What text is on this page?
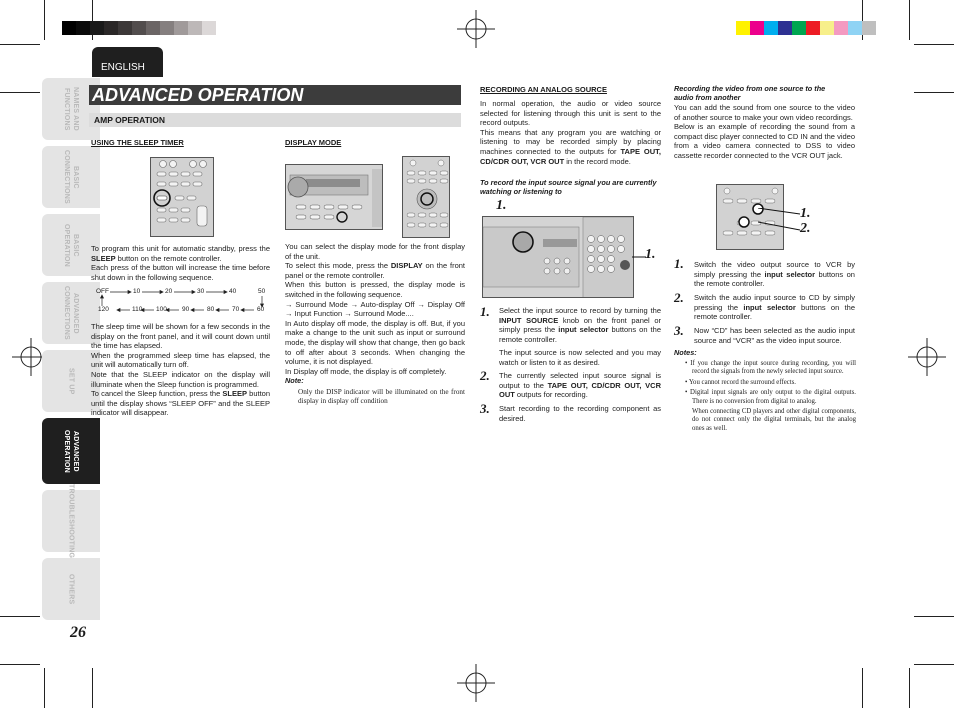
ENGLISH
NAMES AND FUNCTIONS
BASIC CONNECTIONS
BASIC OPERATION
ADVANCED CONNECTIONS
SET UP
ADVANCED OPERATION
TROUBLESHOOTING
OTHERS
26
ADVANCED OPERATION
AMP OPERATION
USING THE SLEEP TIMER

To program this unit for automatic standby, press the SLEEP button on the remote controller.

Each press of the button will increase the time before shut down in the following sequence.

OFF	10	20	30	40	50
120	110 100 90	80	70	60

The sleep time will be shown for a few seconds in the display on the front panel, and it will count down until the time has elapsed.

When the programmed sleep time has elapsed, the unit will automatically turn off.

Note that the SLEEP indicator on the display will illuminate when the Sleep function is programmed.

To cancel the Sleep function, press the SLEEP button until the display shows “SLEEP OFF” and the SLEEP indicator will disappear.

DISPLAY MODE

You can select the display mode for the front display of the unit.

To select this mode, press the DISPLAY on the front panel or the remote controller.

When this button is pressed, the display mode is switched in the following sequence.

→ Surround Mode → Auto-display Off → Display Off → Input Function → Surround Mode....

In Auto display off mode, the display is off. But, if you make a change to the unit such as input or surround mode, the display will show that change, then go back to off after about 3 seconds. When changing the volume, it is not displayed.

In Display off mode, the display is off completely.

Note:
Only the DISP indicator will be illuminated on the front display in display off condition
RECORDING AN ANALOG SOURCE

In normal operation, the audio or video source selected for listening through this unit is sent to the record outputs.

This means that any program you are watching or listening to may be recorded simply by placing machines connected to the outputs for TAPE OUT, CD/CDR OUT, VCR OUT in the record mode.

To record the input source signal you are currently watching or listening to
1.
1.
1. Select the input source to record by turning the INPUT SOURCE knob on the front panel or simply press the input selector buttons on the remote controller.

The input source is now selected and you may watch or listen to it as desired.
2. The currently selected input source signal is output to the TAPE OUT, CD/CDR OUT, VCR OUT outputs for recording.

3. Start recording to the recording component as desired.
Recording the video from one source to the audio from another

You can add the sound from one source to the video of another source to make your own video recordings.

Below is an example of recording the sound from a compact disc player connected to CD IN and the video from a video camera connected to DSS to video cassette recorder connected to the VCR OUT jack.

1.
2.
1. Switch the video output source to VCR by simply pressing the input selector buttons on the remote controller.

2. Switch the audio input source to CD by simply pressing the input selector buttons on the remote controller.

3. Now “CD” has been selected as the audio input source and “VCR” as the video input source.
Notes:

• If you change the input source during recording, you will record the signals from the newly selected input source.

• You cannot record the surround effects.

• Digital input signals are only output to the digital outputs. There is no conversion from digital to analog.

When connecting CD players and other digital components, do not connect only the digital terminals, but the analog ones as well.
